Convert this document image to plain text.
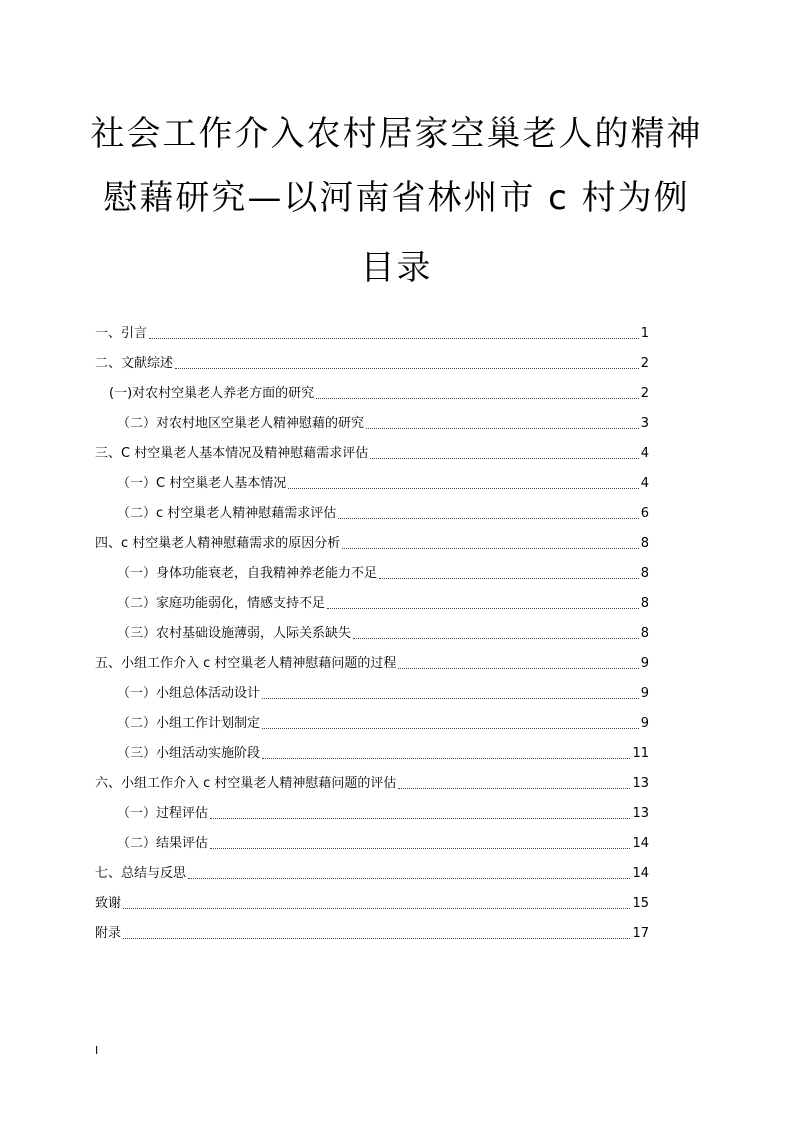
社会工作介入农村居家空巢老人的精神
慰藉研究—以河南省林州市 c 村为例
目录
一、引言	1
二、文献综述	2
(一)对农村空巢老人养老方面的研究	2
（二）对农村地区空巢老人精神慰藉的研究	3
三、C 村空巢老人基本情况及精神慰藉需求评估	4
（一）C 村空巢老人基本情况	4
（二）c 村空巢老人精神慰藉需求评估	6
四、c 村空巢老人精神慰藉需求的原因分析	8
（一）身体功能衰老，自我精神养老能力不足	8
（二）家庭功能弱化，情感支持不足	8
（三）农村基础设施薄弱，人际关系缺失	8
五、小组工作介入 c 村空巢老人精神慰藉问题的过程	9
（一）小组总体活动设计	9
（二）小组工作计划制定	9
（三）小组活动实施阶段	11
六、小组工作介入 c 村空巢老人精神慰藉问题的评估	13
（一）过程评估	13
（二）结果评估	14
七、总结与反思	14
致谢	15
附录	17
I
